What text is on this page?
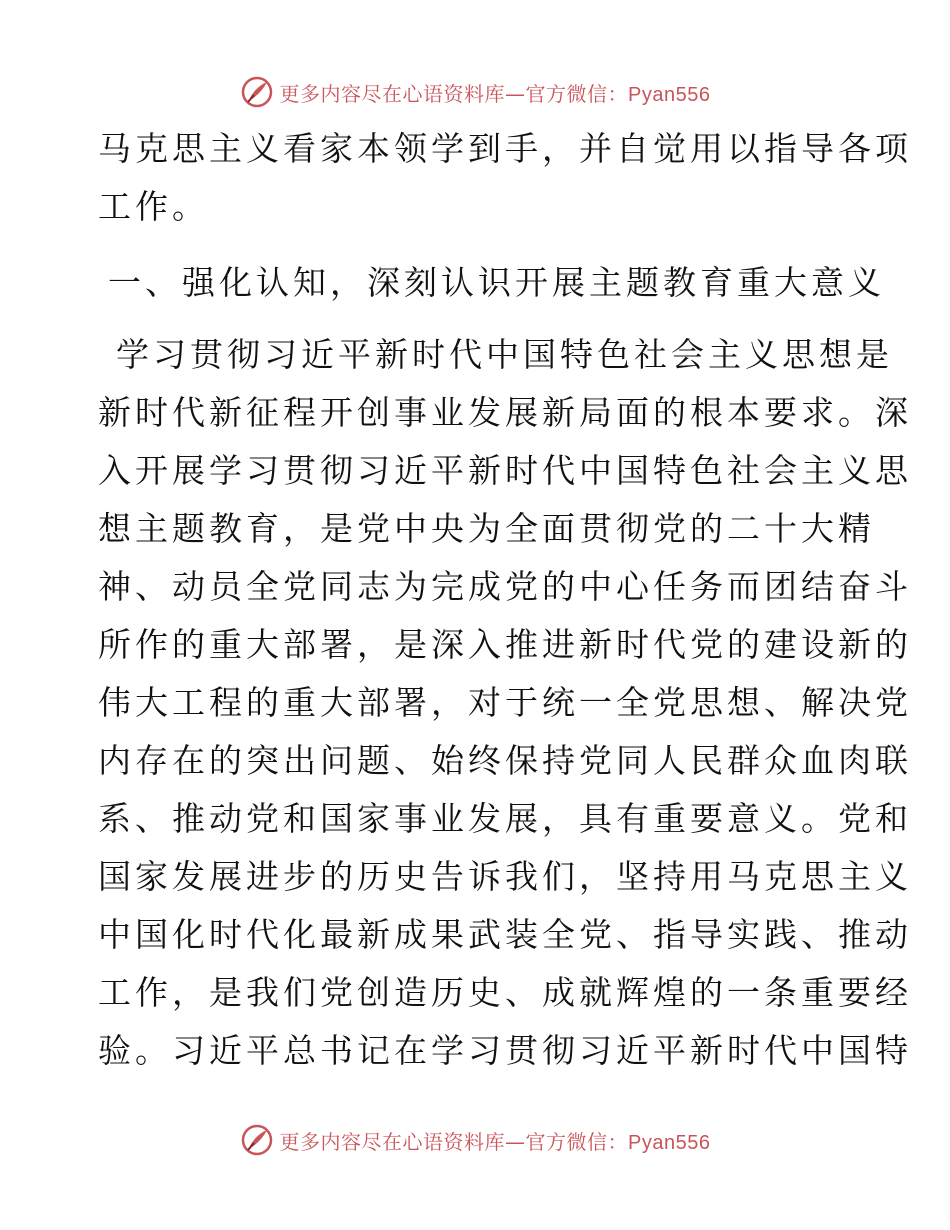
更多内容尽在心语资料库—官方微信：Pyan556
马克思主义看家本领学到手，并自觉用以指导各项
工作。
一、强化认知，深刻认识开展主题教育重大意义
学习贯彻习近平新时代中国特色社会主义思想是
新时代新征程开创事业发展新局面的根本要求。深
入开展学习贯彻习近平新时代中国特色社会主义思
想主题教育，是党中央为全面贯彻党的二十大精
神、动员全党同志为完成党的中心任务而团结奋斗
所作的重大部署，是深入推进新时代党的建设新的
伟大工程的重大部署，对于统一全党思想、解决党
内存在的突出问题、始终保持党同人民群众血肉联
系、推动党和国家事业发展，具有重要意义。党和
国家发展进步的历史告诉我们，坚持用马克思主义
中国化时代化最新成果武装全党、指导实践、推动
工作，是我们党创造历史、成就辉煌的一条重要经
验。习近平总书记在学习贯彻习近平新时代中国特
更多内容尽在心语资料库—官方微信：Pyan556
